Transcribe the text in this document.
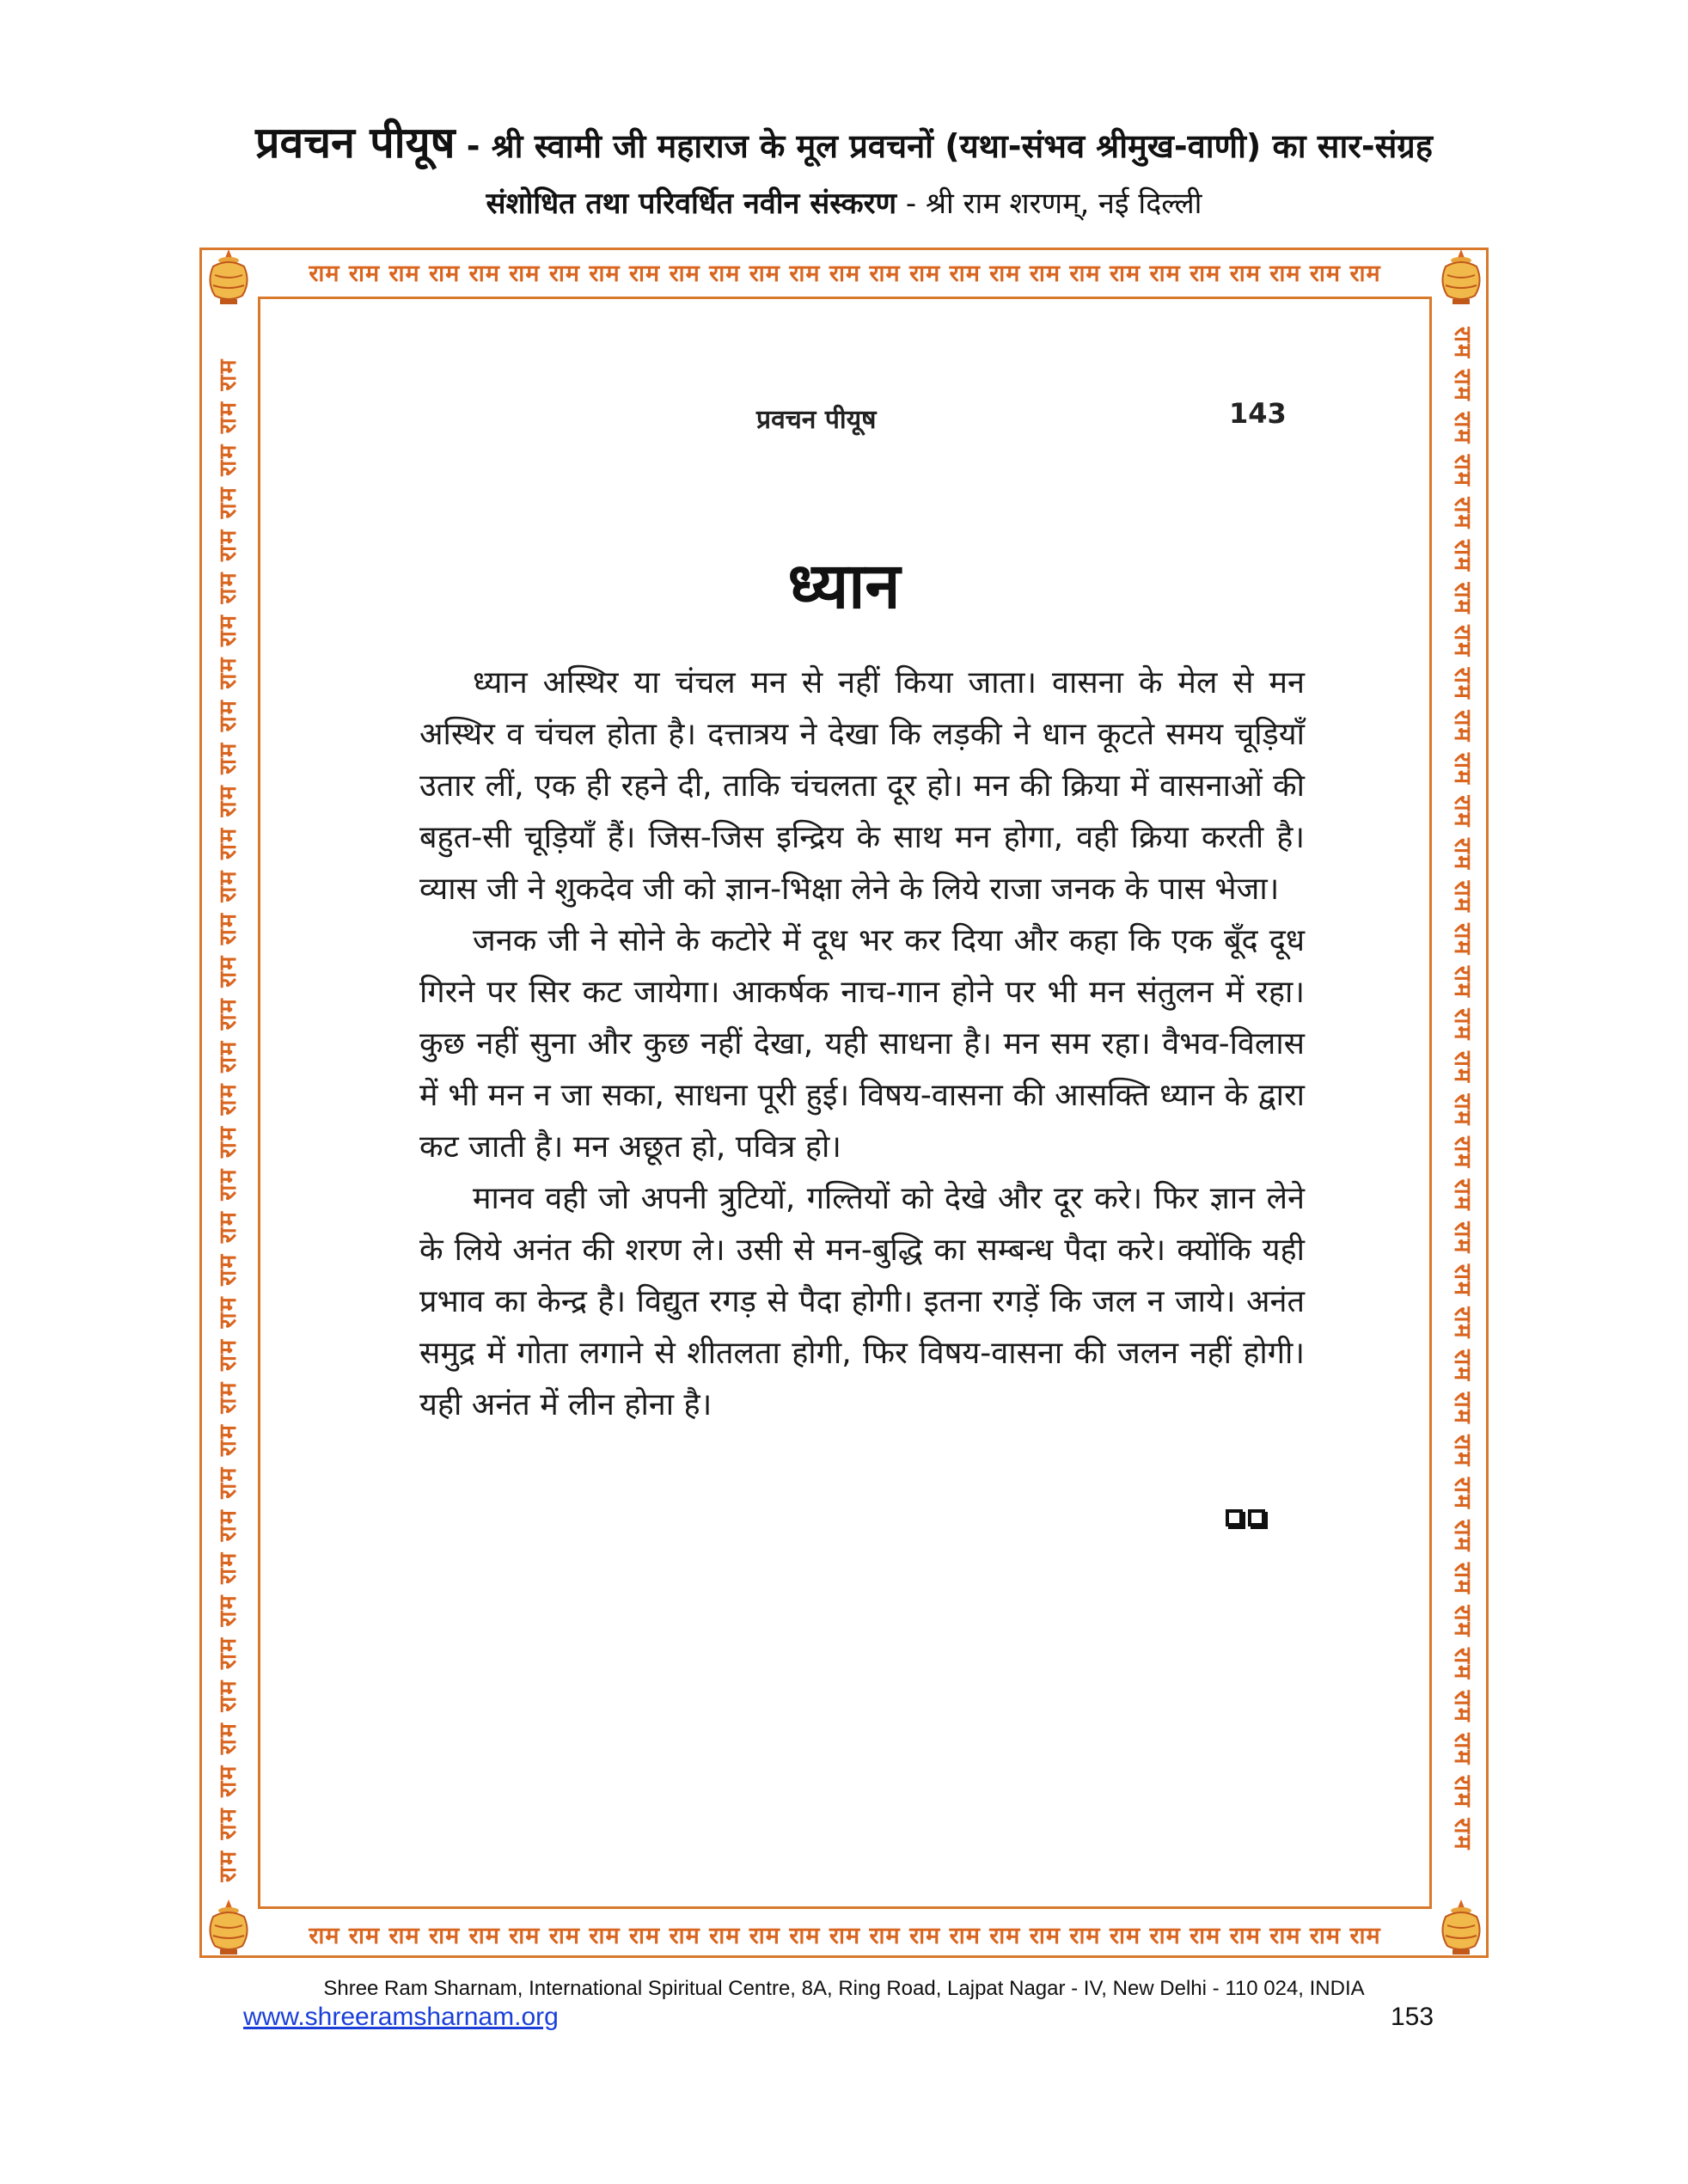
प्रवचन पीयूष - श्री स्वामी जी महाराज के मूल प्रवचनों (यथा-संभव श्रीमुख-वाणी) का सार-संग्रह
संशोधित तथा परिवर्धित नवीन संस्करण - श्री राम शरणम्, नई दिल्ली
राम राम राम राम राम राम राम राम राम राम राम राम राम राम राम राम राम राम राम राम राम राम राम राम राम राम राम
राम राम राम राम राम राम राम राम राम राम राम राम राम राम राम राम राम राम राम राम राम राम राम राम राम राम राम
राम राम राम राम राम राम राम राम राम राम राम राम राम राम राम राम राम राम राम राम राम राम राम राम राम राम राम राम राम राम राम राम राम राम राम राम	राम राम राम राम राम राम राम राम राम राम राम राम राम राम राम राम राम राम राम राम राम राम राम राम राम राम राम राम राम राम राम राम राम राम राम राम
प्रवचन पीयूष	143
ध्यान

ध्यान अस्थिर या चंचल मन से नहीं किया जाता। वासना के मेल से मन अस्थिर व चंचल होता है। दत्तात्रय ने देखा कि लड़की ने धान कूटते समय चूड़ियाँ उतार लीं, एक ही रहने दी, ताकि चंचलता दूर हो। मन की क्रिया में वासनाओं की बहुत-सी चूड़ियाँ हैं। जिस-जिस इन्द्रिय के साथ मन होगा, वही क्रिया करती है। व्यास जी ने शुकदेव जी को ज्ञान-भिक्षा लेने के लिये राजा जनक के पास भेजा।

जनक जी ने सोने के कटोरे में दूध भर कर दिया और कहा कि एक बूँद दूध गिरने पर सिर कट जायेगा। आकर्षक नाच-गान होने पर भी मन संतुलन में रहा। कुछ नहीं सुना और कुछ नहीं देखा, यही साधना है। मन सम रहा। वैभव-विलास में भी मन न जा सका, साधना पूरी हुई। विषय-वासना की आसक्ति ध्यान के द्वारा कट जाती है। मन अछूत हो, पवित्र हो।

मानव वही जो अपनी त्रुटियों, गल्तियों को देखे और दूर करे। फिर ज्ञान लेने के लिये अनंत की शरण ले। उसी से मन-बुद्धि का सम्बन्ध पैदा करे। क्योंकि यही प्रभाव का केन्द्र है। विद्युत रगड़ से पैदा होगी। इतना रगड़ें कि जल न जाये। अनंत समुद्र में गोता लगाने से शीतलता होगी, फिर विषय-वासना की जलन नहीं होगी। यही अनंत में लीन होना है।

Shree Ram Sharnam, International Spiritual Centre, 8A, Ring Road, Lajpat Nagar - IV, New Delhi - 110 024, INDIA
www.shreeramsharnam.org	153
